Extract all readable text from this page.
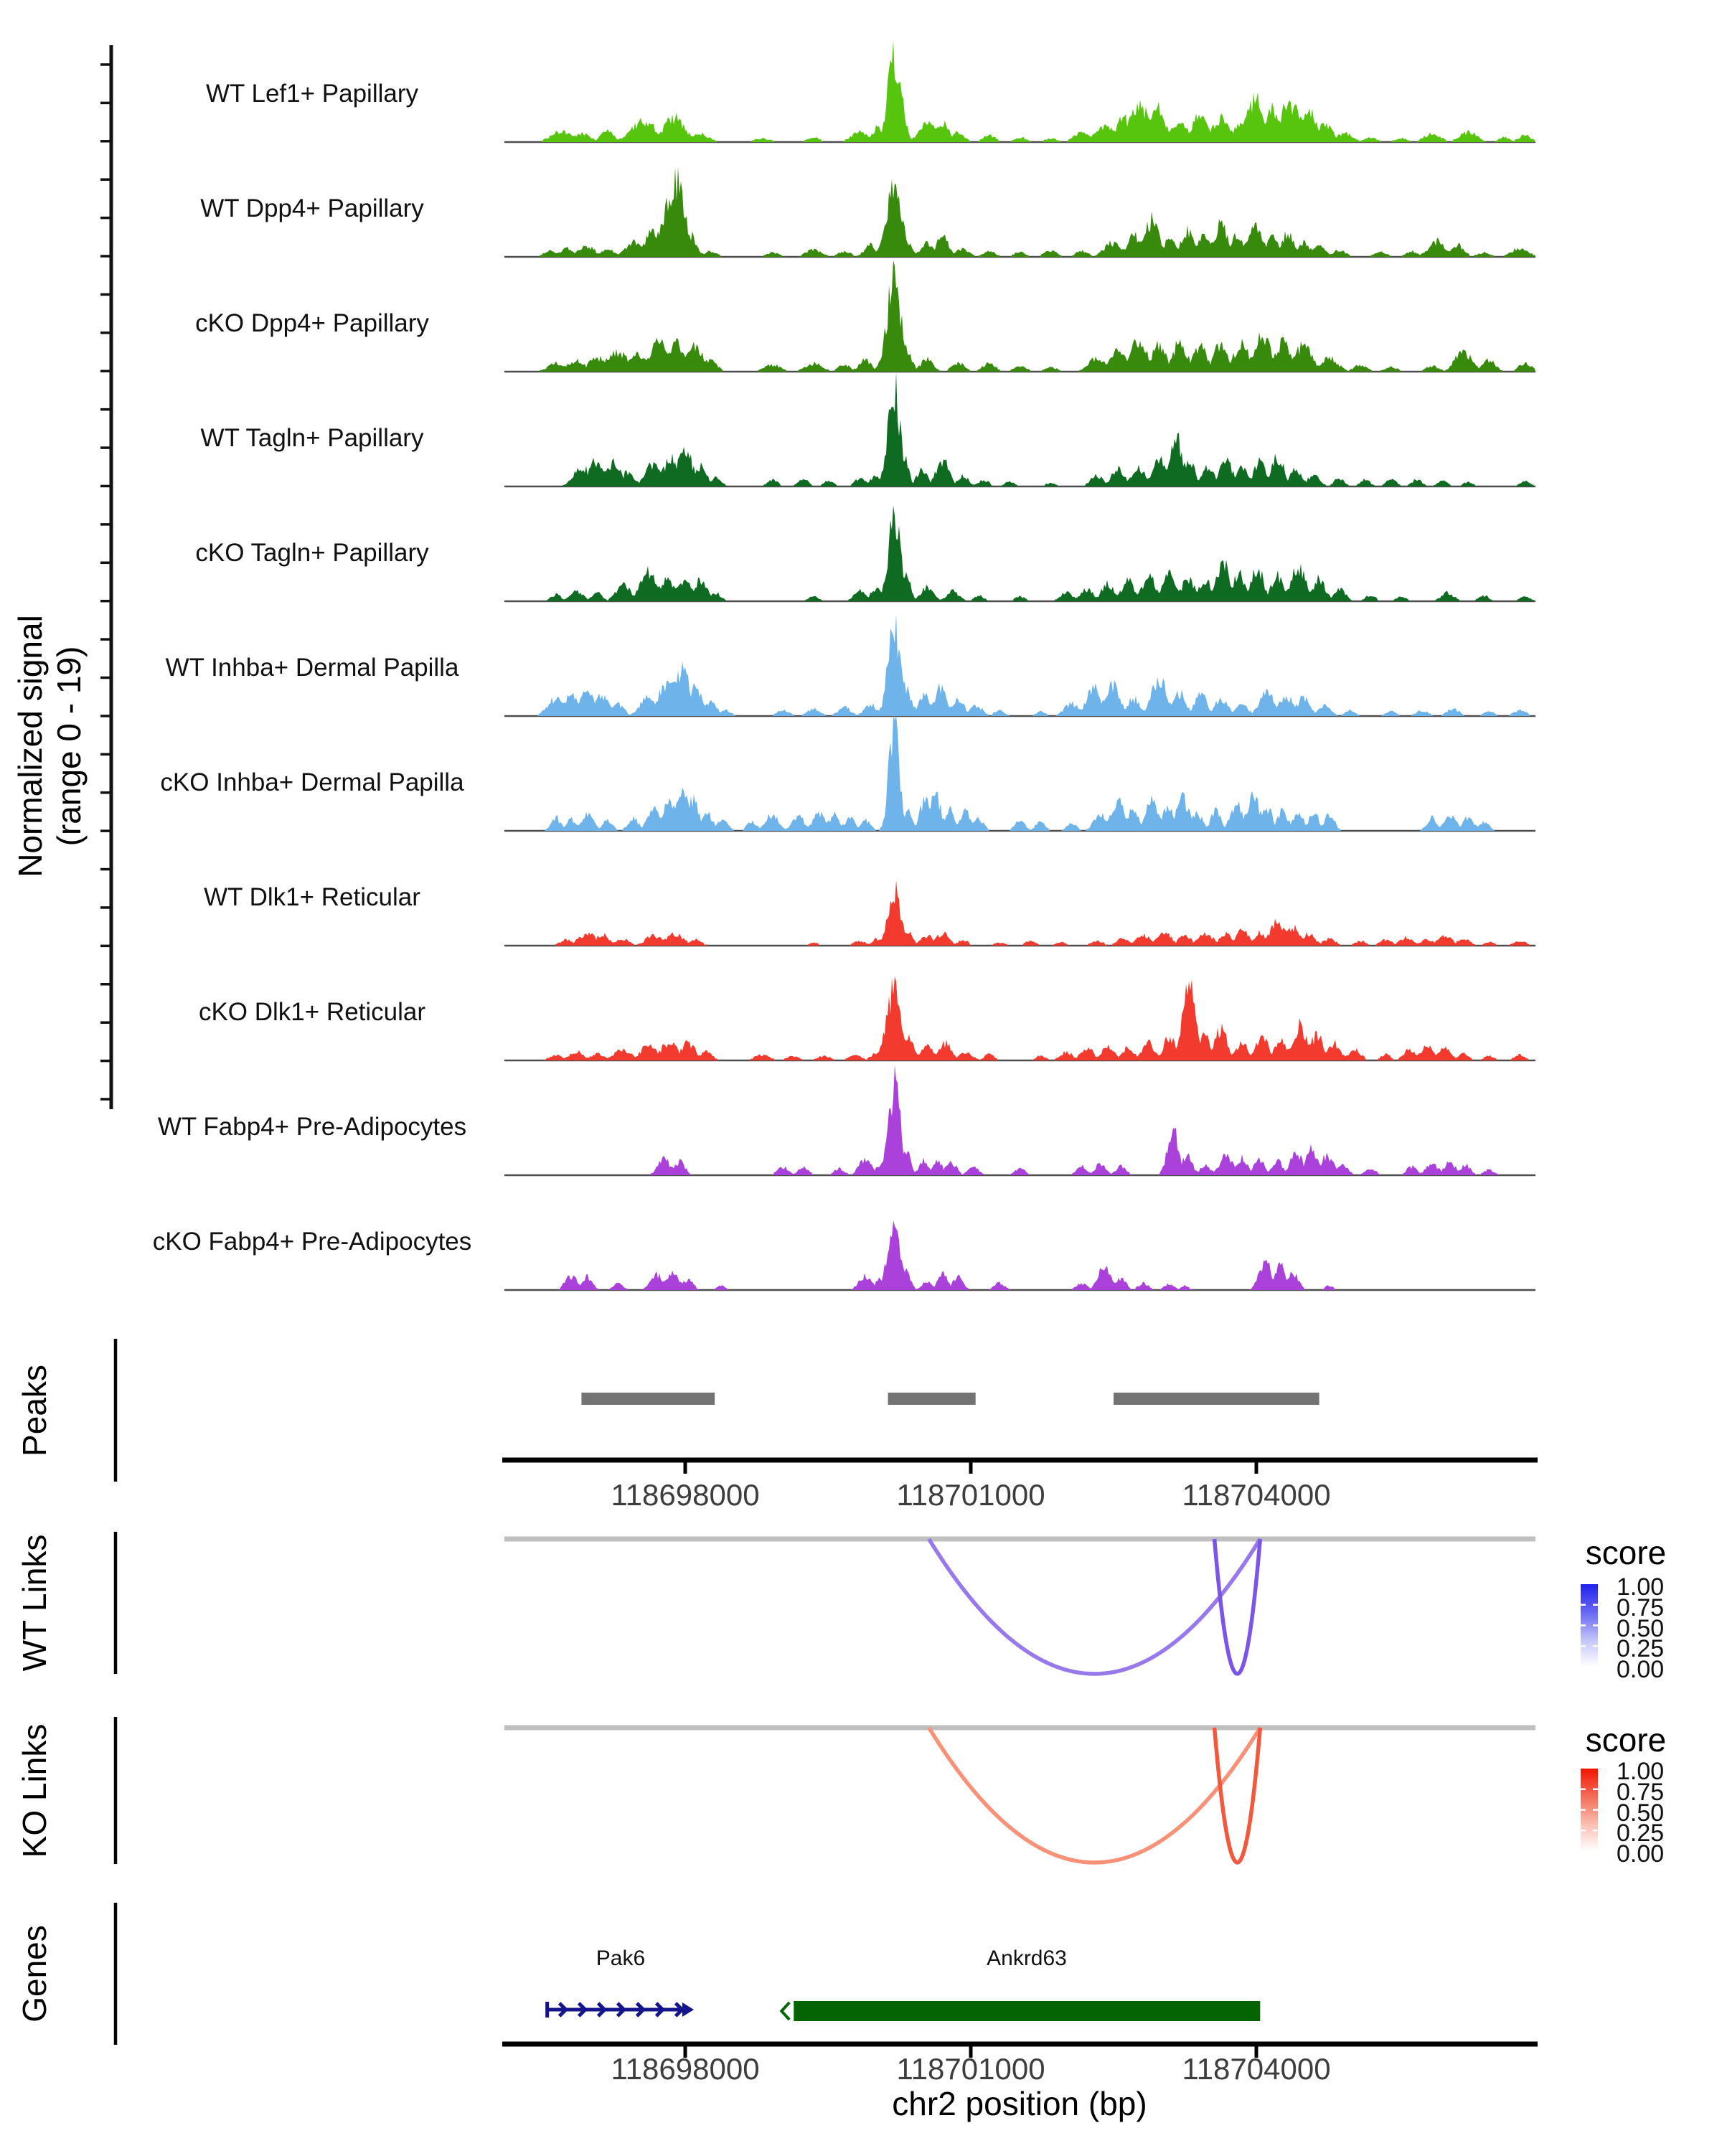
Normalized signal (range 0 - 19)
Peaks
WT Links
KO Links
Genes
118698000	118701000	118704000
score
1.00
0.75
0.50
0.25
0.00
score
1.00
0.75
0.50
0.25
0.00
Pak6	Ankrd63
118698000	118701000	118704000
chr2 position (bp)
WT Lef1+ Papillary
WT Dpp4+ Papillary
cKO Dpp4+ Papillary
WT Tagln+ Papillary
cKO Tagln+ Papillary
WT Inhba+ Dermal Papilla
cKO Inhba+ Dermal Papilla
WT Dlk1+ Reticular
cKO Dlk1+ Reticular
WT Fabp4+ Pre-Adipocytes
cKO Fabp4+ Pre-Adipocytes
